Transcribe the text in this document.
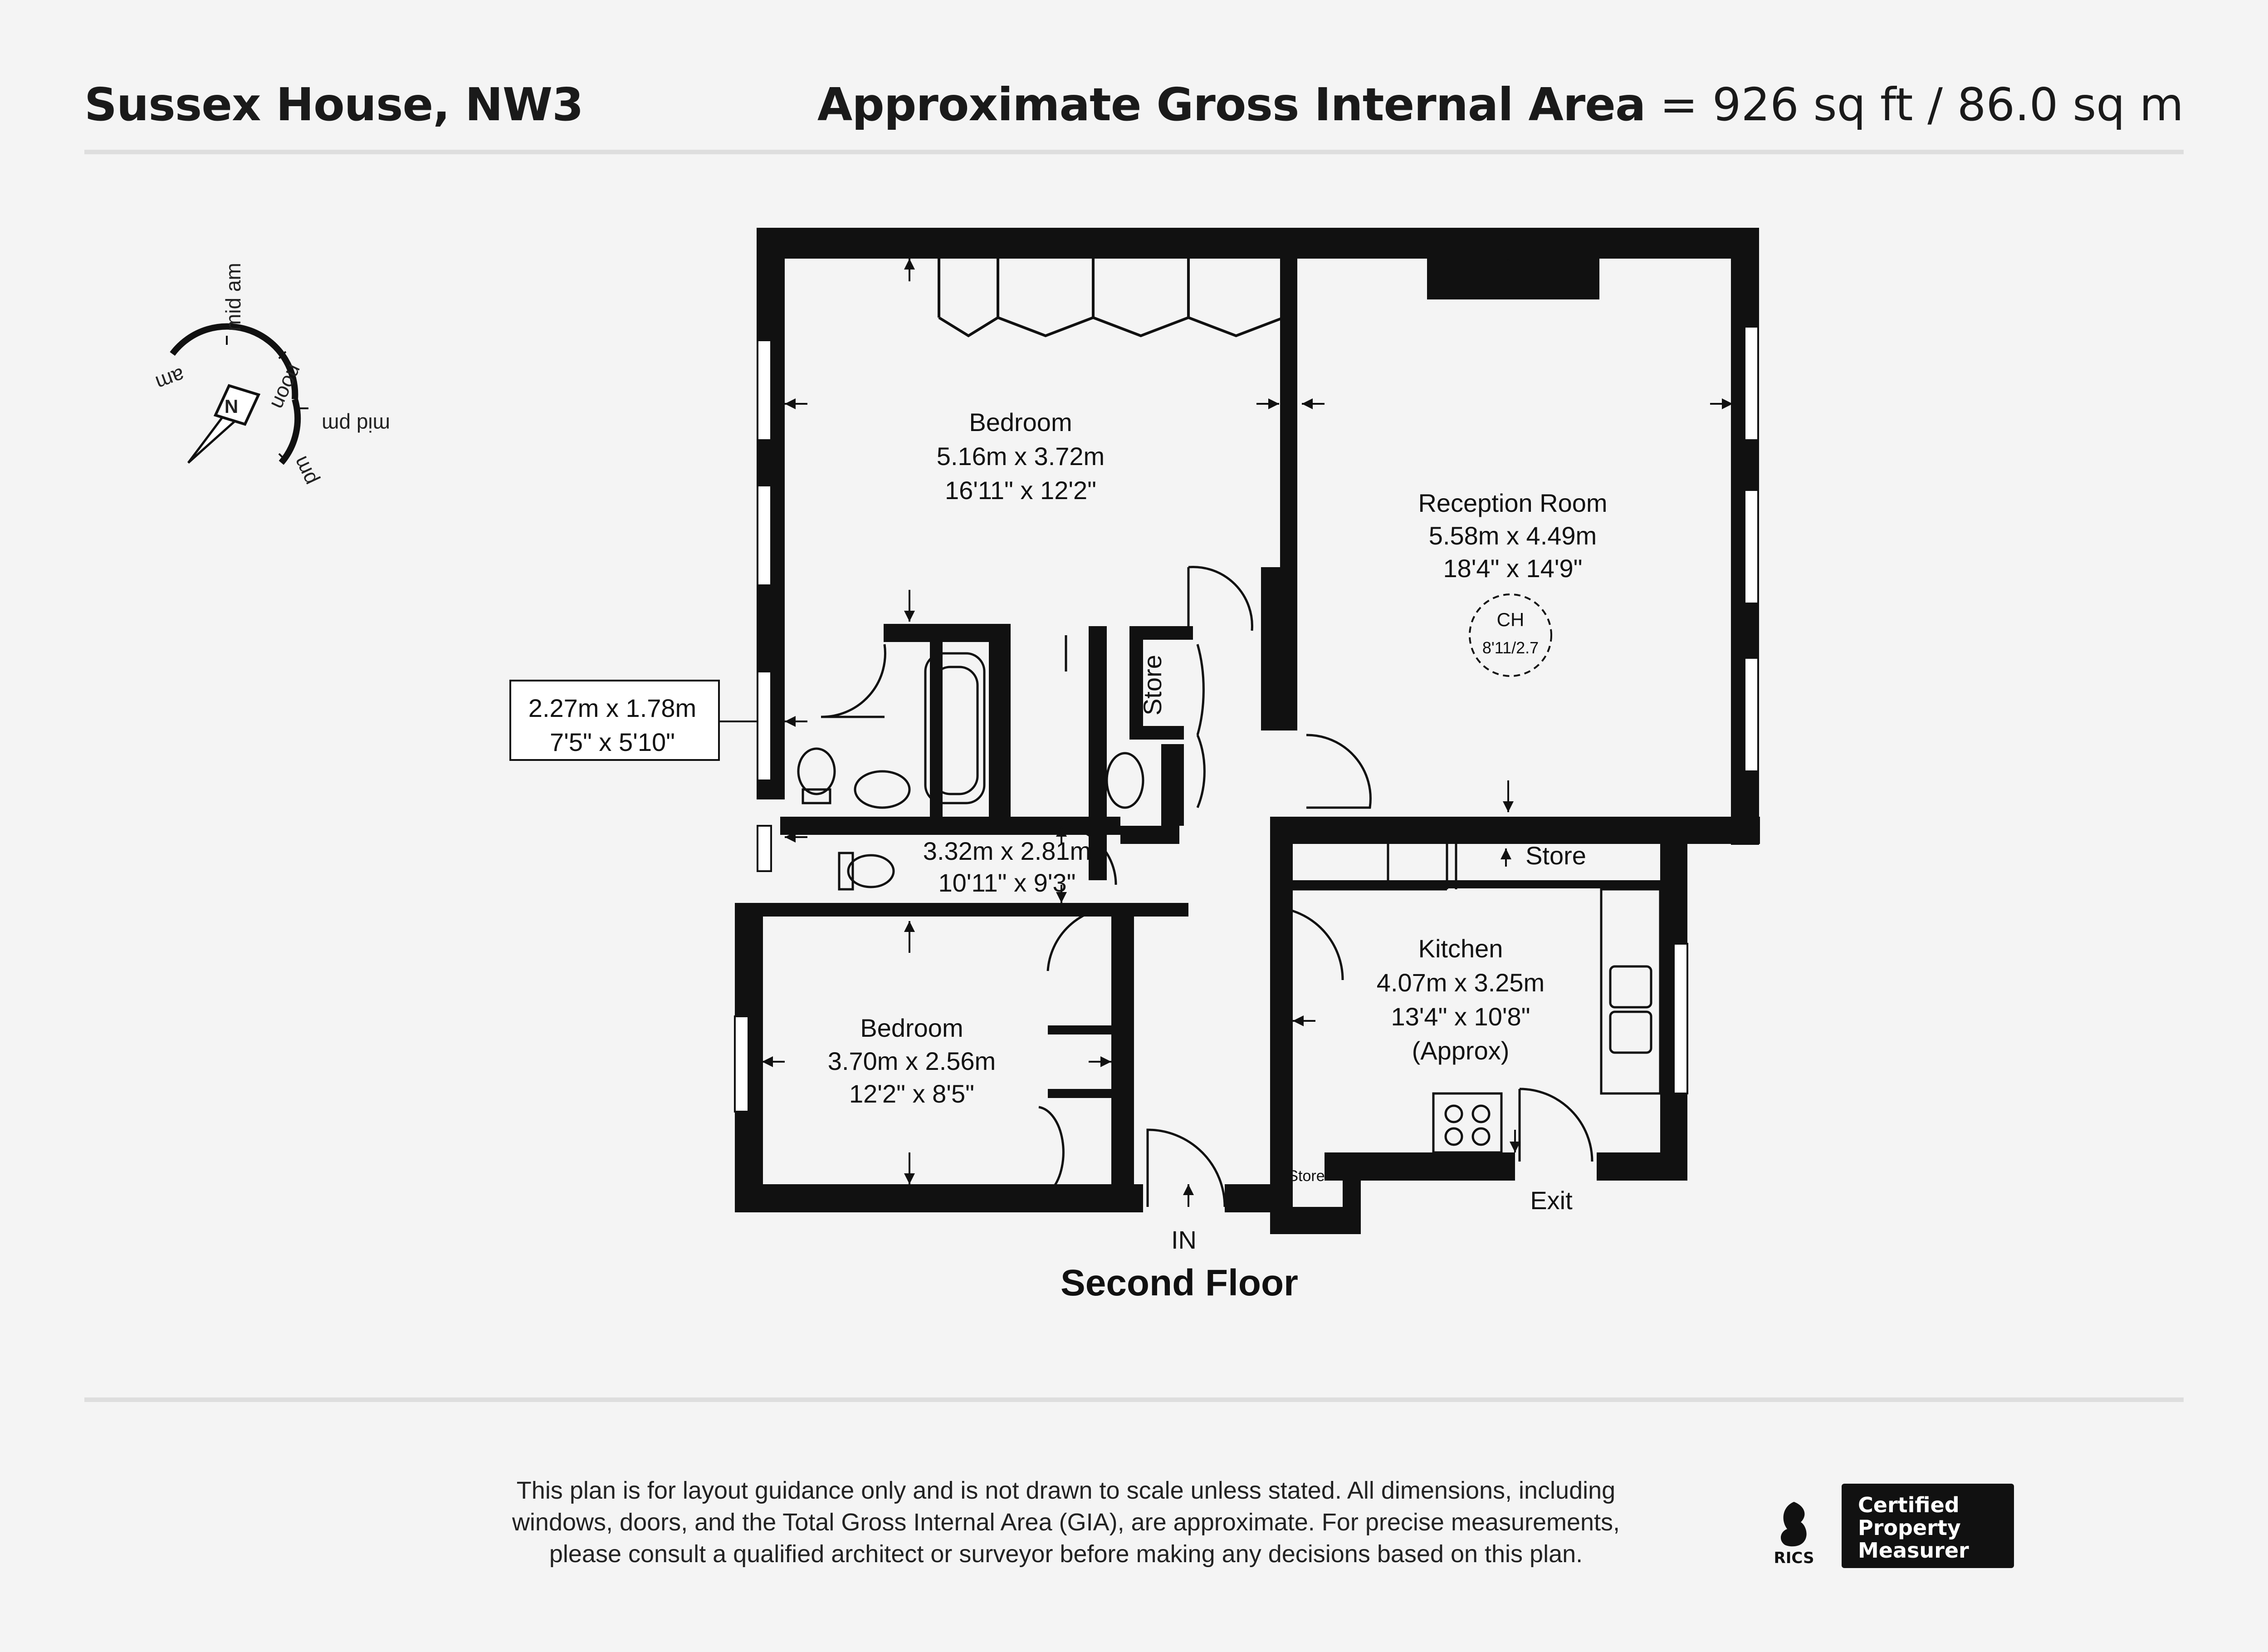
Sussex House, NW3	Approximate Gross Internal Area = 926 sq ft / 86.0 sq m
N
mid am
noon
mid pm
pm
am
Bedroom
5.16m x 3.72m
16'11" x 12'2"	Reception Room
5.58m x 4.49m
18'4" x 14'9"
CH
8'11/2.7
2.27m x 1.78m
7'5" x 5'10"
Store
3.32m x 2.81m
10'11" x 9'3"
Store
Kitchen
4.07m x 3.25m
13'4" x 10'8"
(Approx)
Bedroom
3.70m x 2.56m
12'2" x 8'5"
Store
Exit
IN
Second Floor
This plan is for layout guidance only and is not drawn to scale unless stated. All dimensions, including
windows, doors, and the Total Gross Internal Area (GIA), are approximate. For precise measurements,
please consult a qualified architect or surveyor before making any decisions based on this plan.	RICS
Certified
Property
Measurer
